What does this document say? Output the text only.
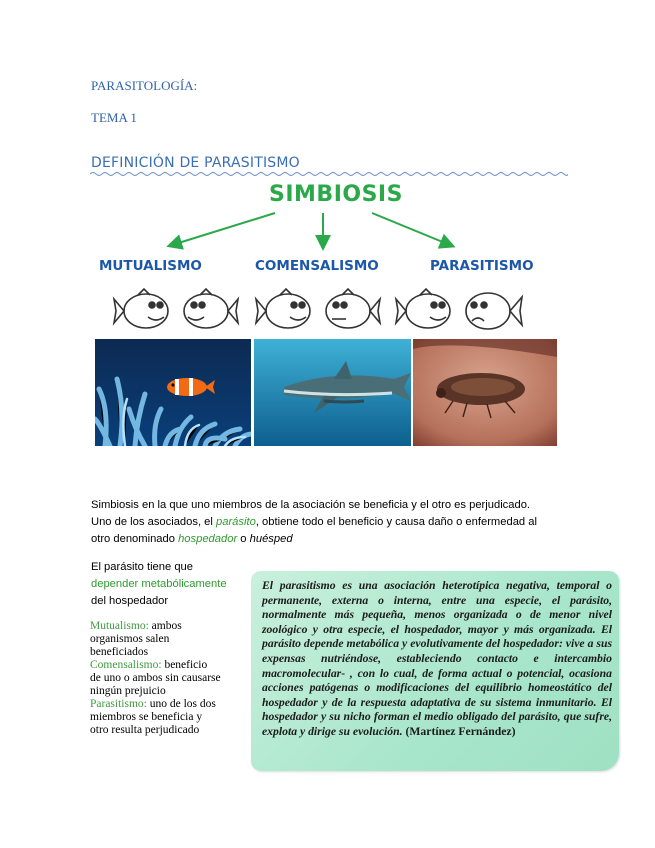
PARASITOLOGÍA:
TEMA 1
DEFINICIÓN DE PARASITISMO
SIMBIOSIS
MUTUALISMO	COMENSALISMO	PARASITISMO
Simbiosis en la que uno miembros de la asociación se beneficia y el otro es perjudicado.
Uno de los asociados, el parásito, obtiene todo el beneficio y causa daño o enfermedad al
otro denominado hospedador o huésped
El parásito tiene que
depender metabólicamente
del hospedador
Mutualismo: ambos
organismos salen
beneficiados
Comensalismo: beneficio
de uno o ambos sin causarse
ningún prejuicio
Parasitismo: uno de los dos
miembros se beneficia y
otro resulta perjudicado
El parasitismo es una asociación heterotípica negativa, temporal o permanente, externa o interna, entre una especie, el parásito, normalmente más pequeña, menos organizada o de menor nivel zoológico y otra especie, el hospedador, mayor y más organizada. El parásito depende metabólica y evolutivamente del hospedador: vive a sus expensas nutriéndose, estableciendo contacto e intercambio macromolecular- , con lo cual, de forma actual o potencial, ocasiona acciones patógenas o modificaciones del equilibrio homeostático del hospedador y de la respuesta adaptativa de su sistema inmunitario. El hospedador y su nicho forman el medio obligado del parásito, que sufre, explota y dirige su evolución. (Martínez Fernández)
